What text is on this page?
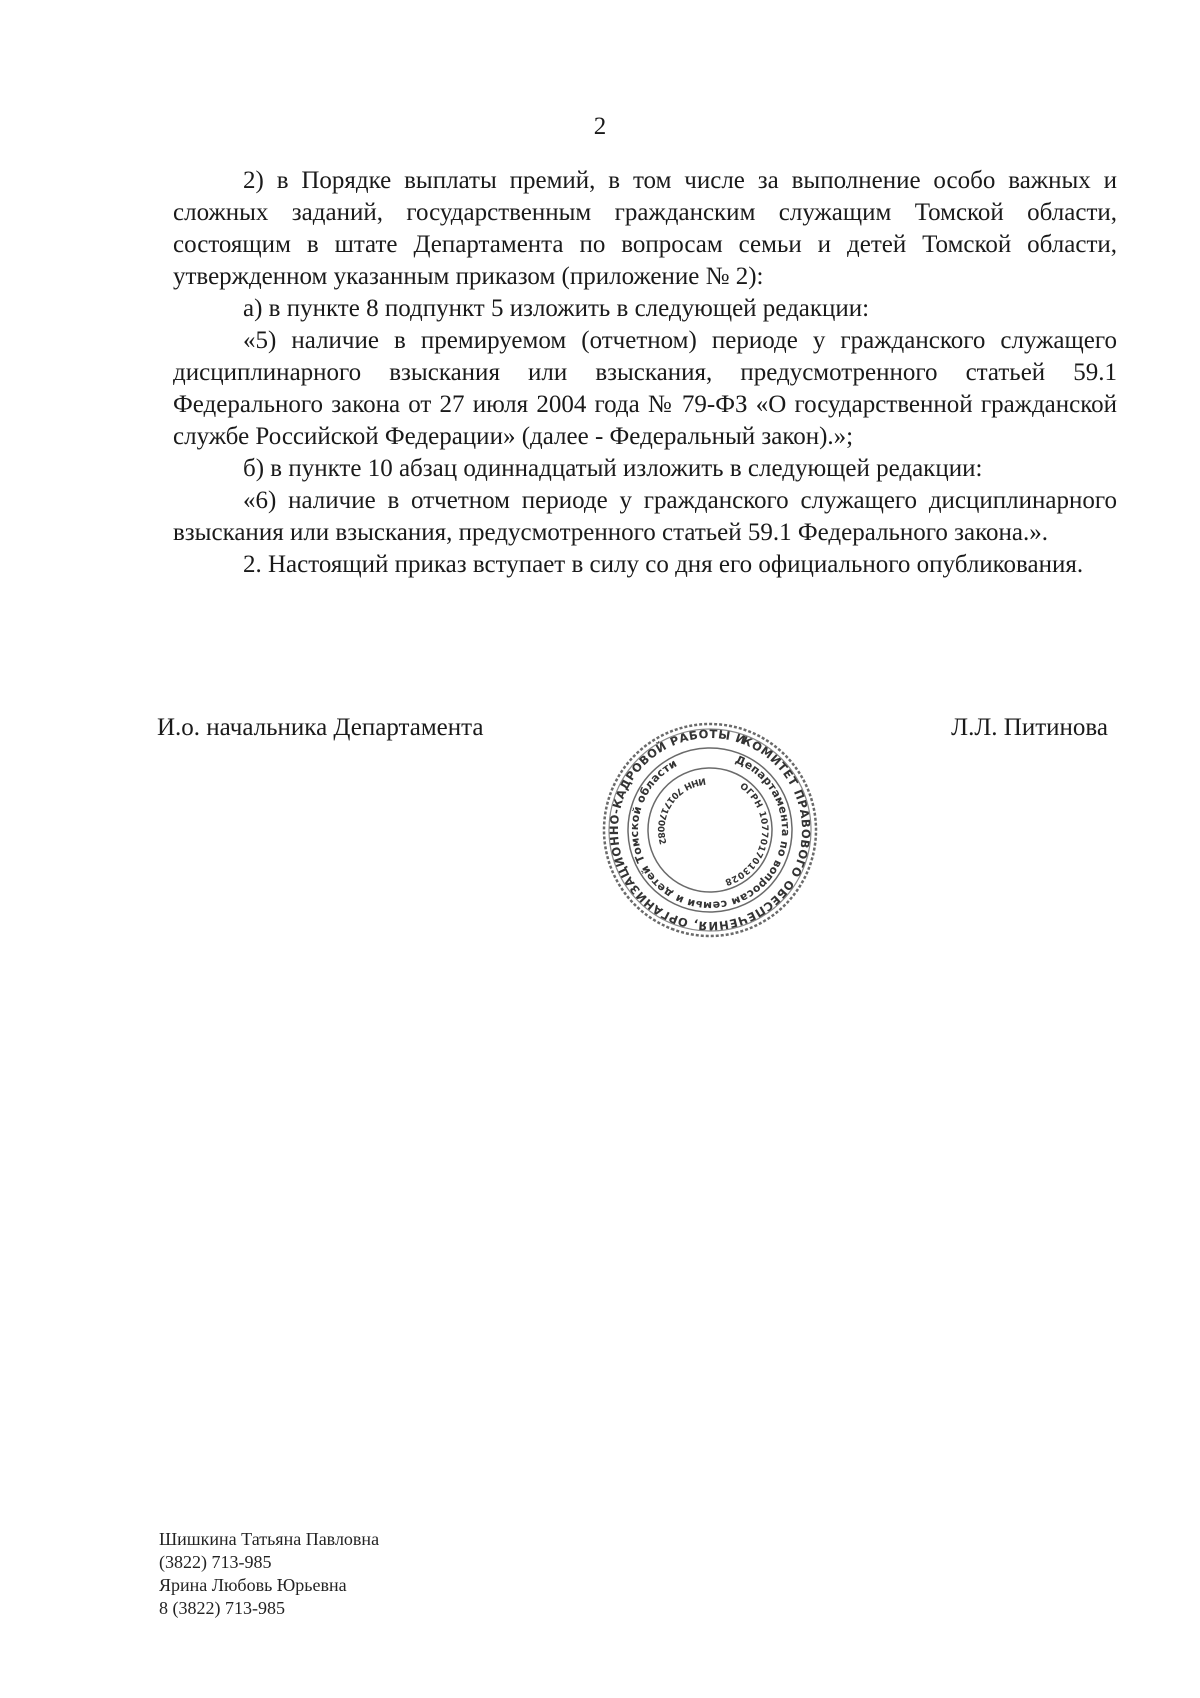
2

2) в Порядке выплаты премий, в том числе за выполнение особо важных и сложных заданий, государственным гражданским служащим Томской области, состоящим в штате Департамента по вопросам семьи и детей Томской области, утвержденном указанным приказом (приложение № 2):

а) в пункте 8 подпункт 5 изложить в следующей редакции:

«5) наличие в премируемом (отчетном) периоде у гражданского служащего дисциплинарного взыскания или взыскания, предусмотренного статьей 59.1 Федерального закона от 27 июля 2004 года № 79-ФЗ «О государственной гражданской службе Российской Федерации» (далее - Федеральный закон).»;

б) в пункте 10 абзац одиннадцатый изложить в следующей редакции:

«6) наличие в отчетном периоде у гражданского служащего дисциплинарного взыскания или взыскания, предусмотренного статьей 59.1 Федерального закона.».

2. Настоящий приказ вступает в силу со дня его официального опубликования.

И.о. начальника Департамента	Л.Л. Питинова
КОМИТЕТ ПРАВОВОГО ОБЕСПЕЧЕНИЯ, ОРГАНИЗАЦИОННО-КАДРОВОЙ РАБОТЫ И
Департамента по вопросам семьи и детей Томской области
ОГРН 1077017013028
ИНН 7017170082
Шишкина Татьяна Павловна
(3822) 713-985
Ярина Любовь Юрьевна
8 (3822) 713-985
